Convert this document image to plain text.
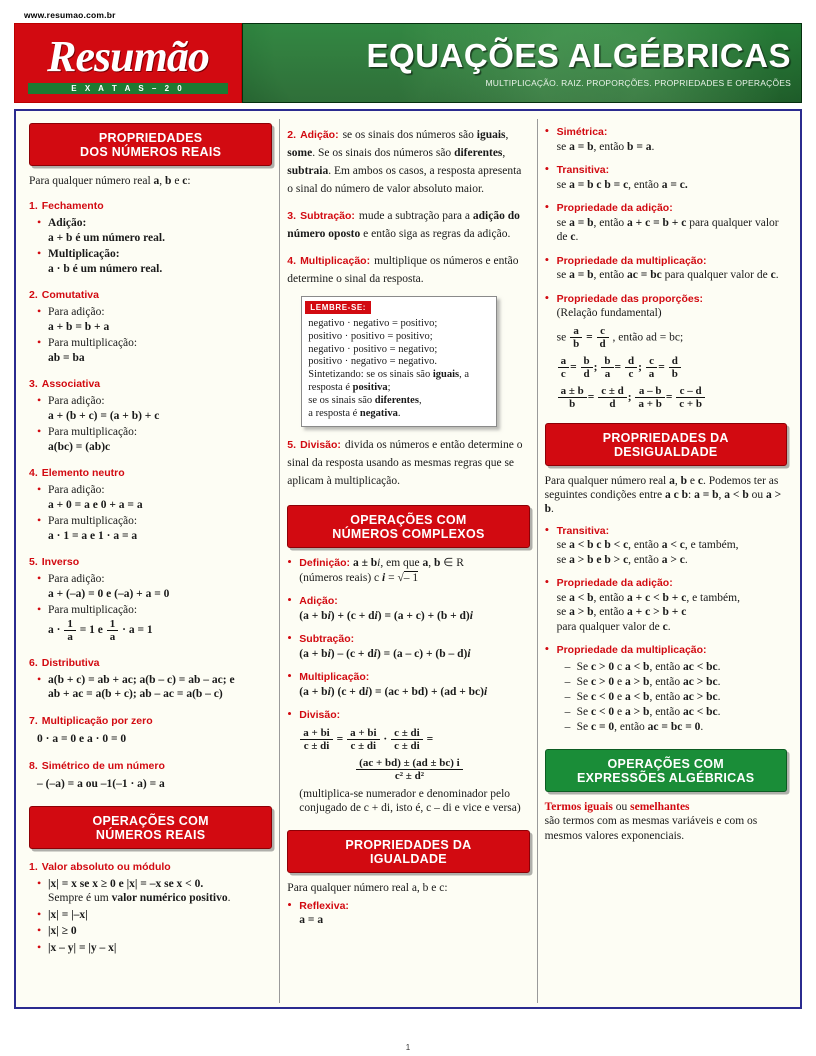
www.resumao.com.br
Resumão
E X A T A S – 2 0
EQUAÇÕES ALGÉBRICAS
MULTIPLICAÇÃO. RAIZ. PROPORÇÕES. PROPRIEDADES E OPERAÇÕES
PROPRIEDADES
DOS NÚMEROS REAIS
Para qualquer número real a, b e c:
1. Fechamento
• Adição:
a + b é um número real.
• Multiplicação:
a · b é um número real.
2. Comutativa
• Para adição:
a + b = b + a
• Para multiplicação:
ab = ba
3. Associativa
• Para adição:
a + (b + c) = (a + b) + c
• Para multiplicação:
a(bc) = (ab)c
4. Elemento neutro
• Para adição:
a + 0 = a e 0 + a = a
• Para multiplicação:
a · 1 = a e 1 · a = a
5. Inverso
• Para adição:
a + (–a) = 0 e (–a) + a = 0
• Para multiplicação:
$a \cdot \frac{1}{a} = 1$ e $\frac{1}{a} \cdot a = 1$
6. Distributiva
• a(b + c) = ab + ac; a(b – c) = ab – ac; e
ab + ac = a(b + c); ab – ac = a(b – c)
7. Multiplicação por zero
0 · a = 0 e a · 0 = 0
8. Simétrico de um número
– (–a) = a ou –1(–1 · a) = a
OPERAÇÕES COM
NÚMEROS REAIS
1. Valor absoluto ou módulo
• |x| = x se x ≥ 0 e |x| = –x se x < 0.
Sempre é um valor numérico positivo.
• |x| = |–x|
• |x| ≥ 0
• |x – y| = |y – x|
2. Adição: se os sinais dos números são iguais, some. Se os sinais dos números são diferentes, subtraia. Em ambos os casos, a resposta apresenta o sinal do número de valor absoluto maior.
3. Subtração: mude a subtração para a adição do número oposto e então siga as regras da adição.
4. Multiplicação: multiplique os números e então determine o sinal da resposta.
LEMBRE-SE:
negativo · negativo = positivo;
positivo · positivo = positivo;
negativo · positivo = negativo;
positivo · negativo = negativo.
Sintetizando: se os sinais são iguais, a resposta é positiva;
se os sinais são diferentes,
a resposta é negativa.
5. Divisão: divida os números e então determine o sinal da resposta usando as mesmas regras que se aplicam à multiplicação.
OPERAÇÕES COM
NÚMEROS COMPLEXOS
• Definição: a ± bi, em que a, b ∈ R
(números reais) c i = √– 1
• Adição:
(a + bi) + (c + di) = (a + c) + (b + d)i
• Subtração:
(a + bi) – (c + di) = (a – c) + (b – d)i
• Multiplicação:
(a + bi) (c + di) = (ac + bd) + (ad + bc)i
• Divisão:
$\frac{a + bi}{c \pm di} = \frac{a + bi}{c \pm di} \cdot \frac{c \pm di}{c \pm di}$ =
$\frac{(ac + bd) \pm (ad \pm bc) i}{\text{c² ± d²}}$
(multiplica-se numerador e denominador pelo conjugado de c + di, isto é, c – di e vice e versa)
PROPRIEDADES DA
IGUALDADE
Para qualquer número real a, b e c:
• Reflexiva:
a = a
• Simétrica:
se a = b, então b = a.
• Transitiva:
se a = b c b = c, então a = c.
• Propriedade da adição:
se a = b, então a + c = b + c para qualquer valor de c.
• Propriedade da multiplicação:
se a = b, então ac = bc para qualquer valor de c.
• Propriedade das proporções:
(Relação fundamental)
se $\frac{a}{b} = \frac{c}{d}$ , então ad = bc;
$\frac{a}{c} = \frac{b}{d}$ ; $\frac{b}{a} = \frac{d}{c}$ ; $\frac{c}{a} = \frac{d}{b}$
$\frac{a \pm b}{b} = \frac{c \pm d}{d}$ ; $\frac{a - b}{a + b} = \frac{c - d}{c + b}$
PROPRIEDADES DA
DESIGUALDADE
Para qualquer número real a, b e c. Podemos ter as seguintes condições entre a c b: a = b, a < b ou a > b.
• Transitiva:
se a < b c b < c, então a < c, e também,
se a > b e b > c, então a > c.
• Propriedade da adição:
se a < b, então a + c < b + c, e também,
se a > b, então a + c > b + c
para qualquer valor de c.
• Propriedade da multiplicação:
– Se c > 0 c a < b, então ac < bc.
– Se c > 0 e a > b, então ac > bc.
– Se c < 0 e a < b, então ac > bc.
– Se c < 0 e a > b, então ac < bc.
– Se c = 0, então ac = bc = 0.
OPERAÇÕES COM
EXPRESSÕES ALGÉBRICAS
Termos iguais ou semelhantes
são termos com as mesmas variáveis e com os mesmos valores exponenciais.
1
